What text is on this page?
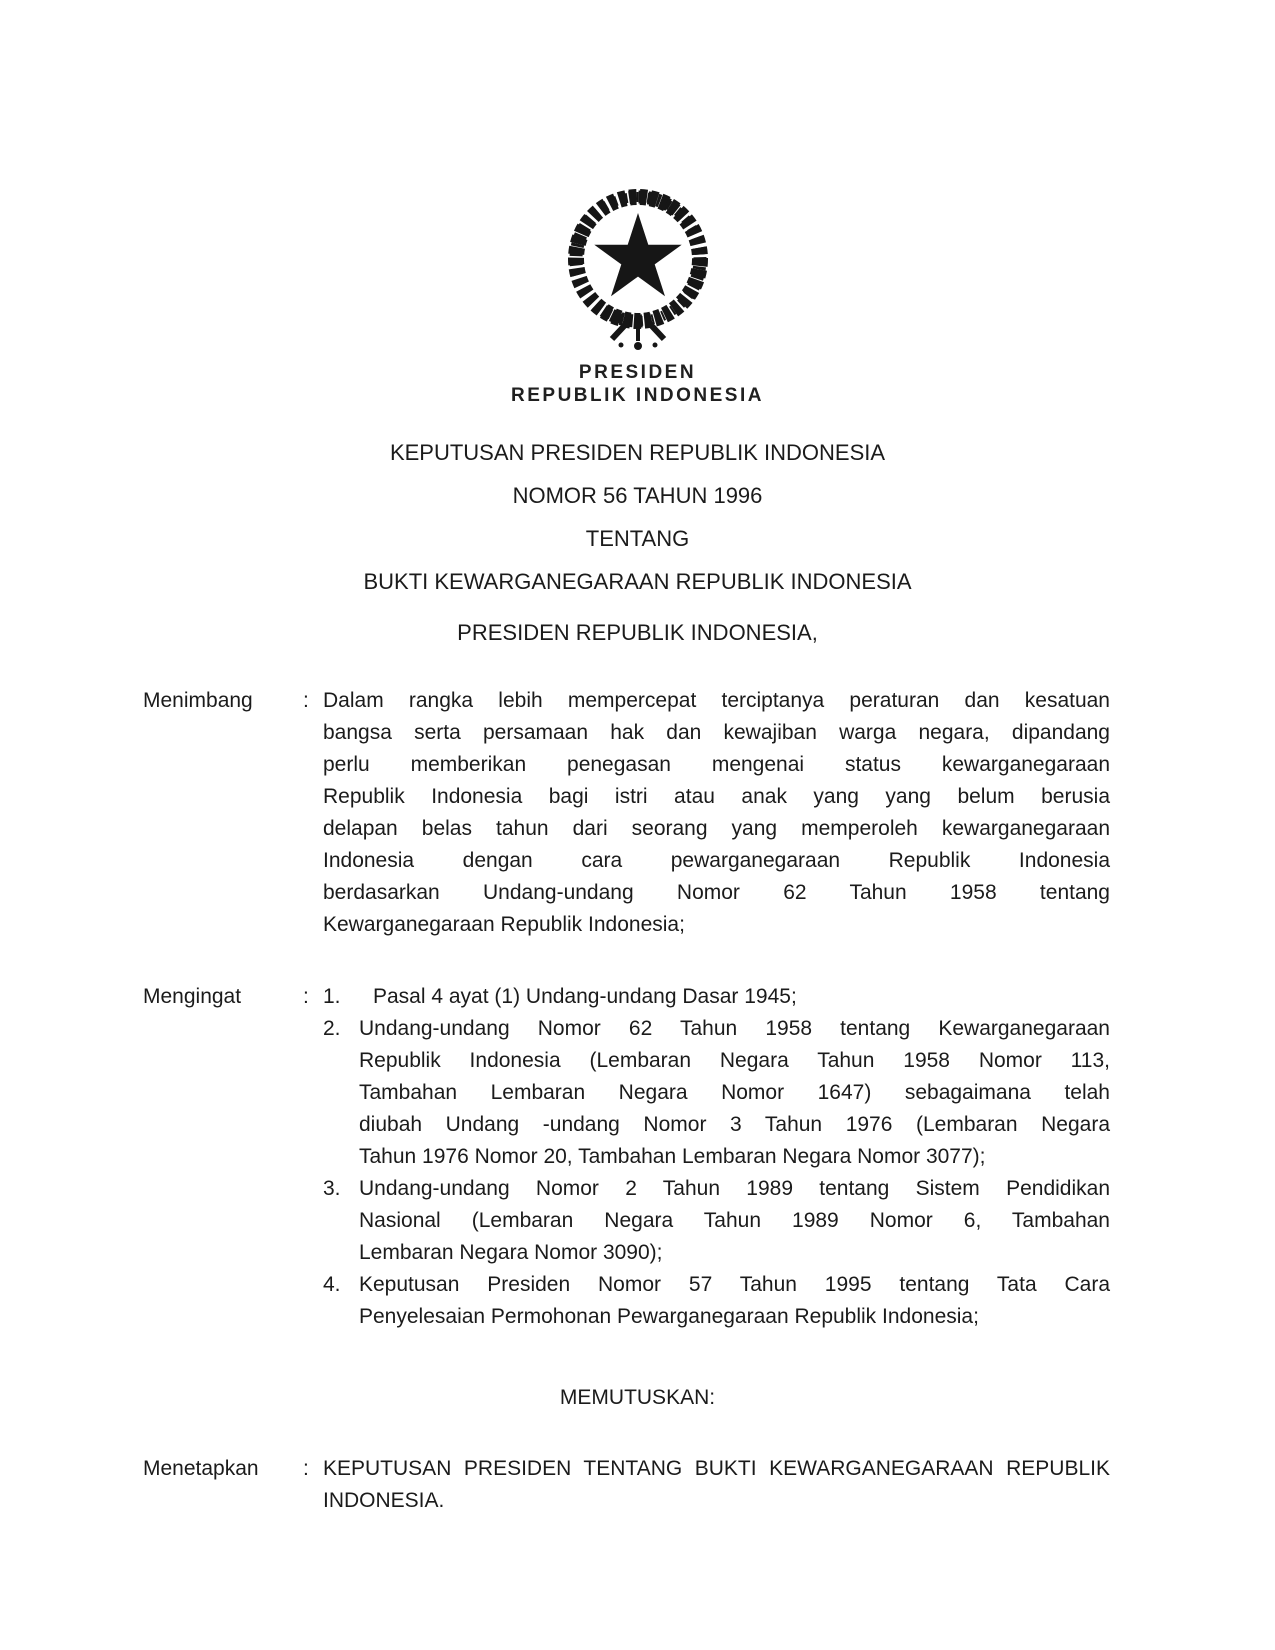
PRESIDEN
REPUBLIK INDONESIA
KEPUTUSAN PRESIDEN REPUBLIK INDONESIA
NOMOR 56 TAHUN 1996
TENTANG
BUKTI KEWARGANEGARAAN REPUBLIK INDONESIA
PRESIDEN REPUBLIK INDONESIA,
Menimbang	: Dalam rangka lebih mempercepat terciptanya peraturan dan kesatuan
bangsa serta persamaan hak dan kewajiban warga negara, dipandang
perlu memberikan penegasan mengenai status kewarganegaraan
Republik Indonesia bagi istri atau anak yang yang belum berusia
delapan belas tahun dari seorang yang memperoleh kewarganegaraan
Indonesia dengan cara pewarganegaraan Republik Indonesia
berdasarkan Undang-undang Nomor 62 Tahun 1958 tentang
Kewarganegaraan Republik Indonesia;
Mengingat	: 1.	Pasal 4 ayat (1) Undang-undang Dasar 1945;
2. Undang-undang Nomor 62 Tahun 1958 tentang Kewarganegaraan
Republik Indonesia (Lembaran Negara Tahun 1958 Nomor 113,
Tambahan Lembaran Negara Nomor 1647) sebagaimana telah
diubah Undang -undang Nomor 3 Tahun 1976 (Lembaran Negara
Tahun 1976 Nomor 20, Tambahan Lembaran Negara Nomor 3077);
3. Undang-undang Nomor 2 Tahun 1989 tentang Sistem Pendidikan
Nasional (Lembaran Negara Tahun 1989 Nomor 6, Tambahan
Lembaran Negara Nomor 3090);
4. Keputusan Presiden Nomor 57 Tahun 1995 tentang Tata Cara
Penyelesaian Permohonan Pewarganegaraan Republik Indonesia;
MEMUTUSKAN:
Menetapkan	: KEPUTUSAN PRESIDEN TENTANG BUKTI KEWARGANEGARAAN REPUBLIK
INDONESIA.
